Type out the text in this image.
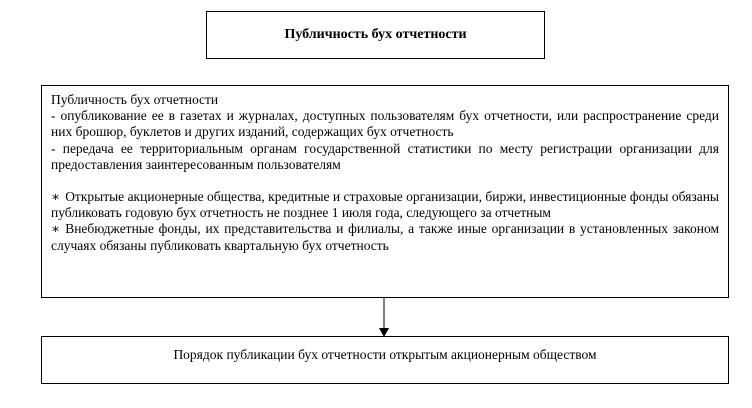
Публичность бух отчетности

Публичность бух отчетности

- опубликование ее в газетах и журналах, доступных пользователям бух отчетности, или распространение среди них брошюр, буклетов и других изданий, содержащих бух отчетность

- передача ее территориальным органам государственной статистики по месту регистрации организации для предоставления заинтересованным пользователям

∗ Открытые акционерные общества, кредитные и страховые организации, биржи, инвестиционные фонды обязаны публиковать годовую бух отчетность не позднее 1 июля года, следующего за отчетным

∗ Внебюджетные фонды, их представительства и филиалы, а также иные организации в установленных законом случаях обязаны публиковать квартальную бух отчетность

Порядок публикации бух отчетности открытым акционерным обществом
